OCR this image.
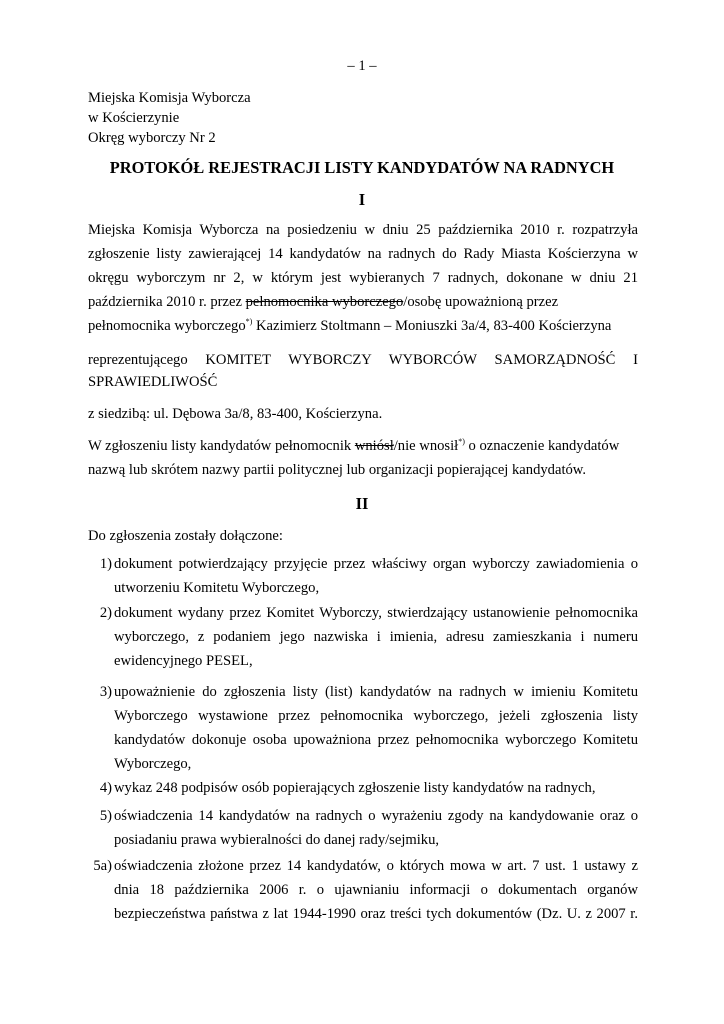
– 1 –
Miejska Komisja Wyborcza
w Kościerzynie
Okręg wyborczy Nr 2
PROTOKÓŁ REJESTRACJI LISTY KANDYDATÓW NA RADNYCH
I
Miejska Komisja Wyborcza na posiedzeniu w dniu 25 października 2010 r. rozpatrzyła
zgłoszenie listy zawierającej 14 kandydatów na radnych do Rady Miasta Kościerzyna w
okręgu wyborczym nr 2, w którym jest wybieranych 7 radnych, dokonane w dniu 21
października 2010 r. przez pełnomocnika wyborczego/osobę upoważnioną przez
pełnomocnika wyborczego*) Kazimierz Stoltmann – Moniuszki 3a/4, 83-400 Kościerzyna
reprezentującego KOMITET WYBORCZY WYBORCÓW SAMORZĄDNOŚĆ I
SPRAWIEDLIWOŚĆ
z siedzibą: ul. Dębowa 3a/8, 83-400, Kościerzyna.
W zgłoszeniu listy kandydatów pełnomocnik wniósł/nie wnosił*) o oznaczenie kandydatów
nazwą lub skrótem nazwy partii politycznej lub organizacji popierającej kandydatów.
II
Do zgłoszenia zostały dołączone:
1) dokument potwierdzający przyjęcie przez właściwy organ wyborczy zawiadomienia o
utworzeniu Komitetu Wyborczego,
2) dokument wydany przez Komitet Wyborczy, stwierdzający ustanowienie pełnomocnika
wyborczego, z podaniem jego nazwiska i imienia, adresu zamieszkania i numeru
ewidencyjnego PESEL,
3) upoważnienie do zgłoszenia listy (list) kandydatów na radnych w imieniu Komitetu
Wyborczego wystawione przez pełnomocnika wyborczego, jeżeli zgłoszenia listy
kandydatów dokonuje osoba upoważniona przez pełnomocnika wyborczego Komitetu
Wyborczego,
4) wykaz 248 podpisów osób popierających zgłoszenie listy kandydatów na radnych,
5) oświadczenia 14 kandydatów na radnych o wyrażeniu zgody na kandydowanie oraz o
posiadaniu prawa wybieralności do danej rady/sejmiku,
5a) oświadczenia złożone przez 14 kandydatów, o których mowa w art. 7 ust. 1 ustawy z
dnia 18 października 2006 r. o ujawnianiu informacji o dokumentach organów
bezpieczeństwa państwa z lat 1944-1990 oraz treści tych dokumentów (Dz. U. z 2007 r.
